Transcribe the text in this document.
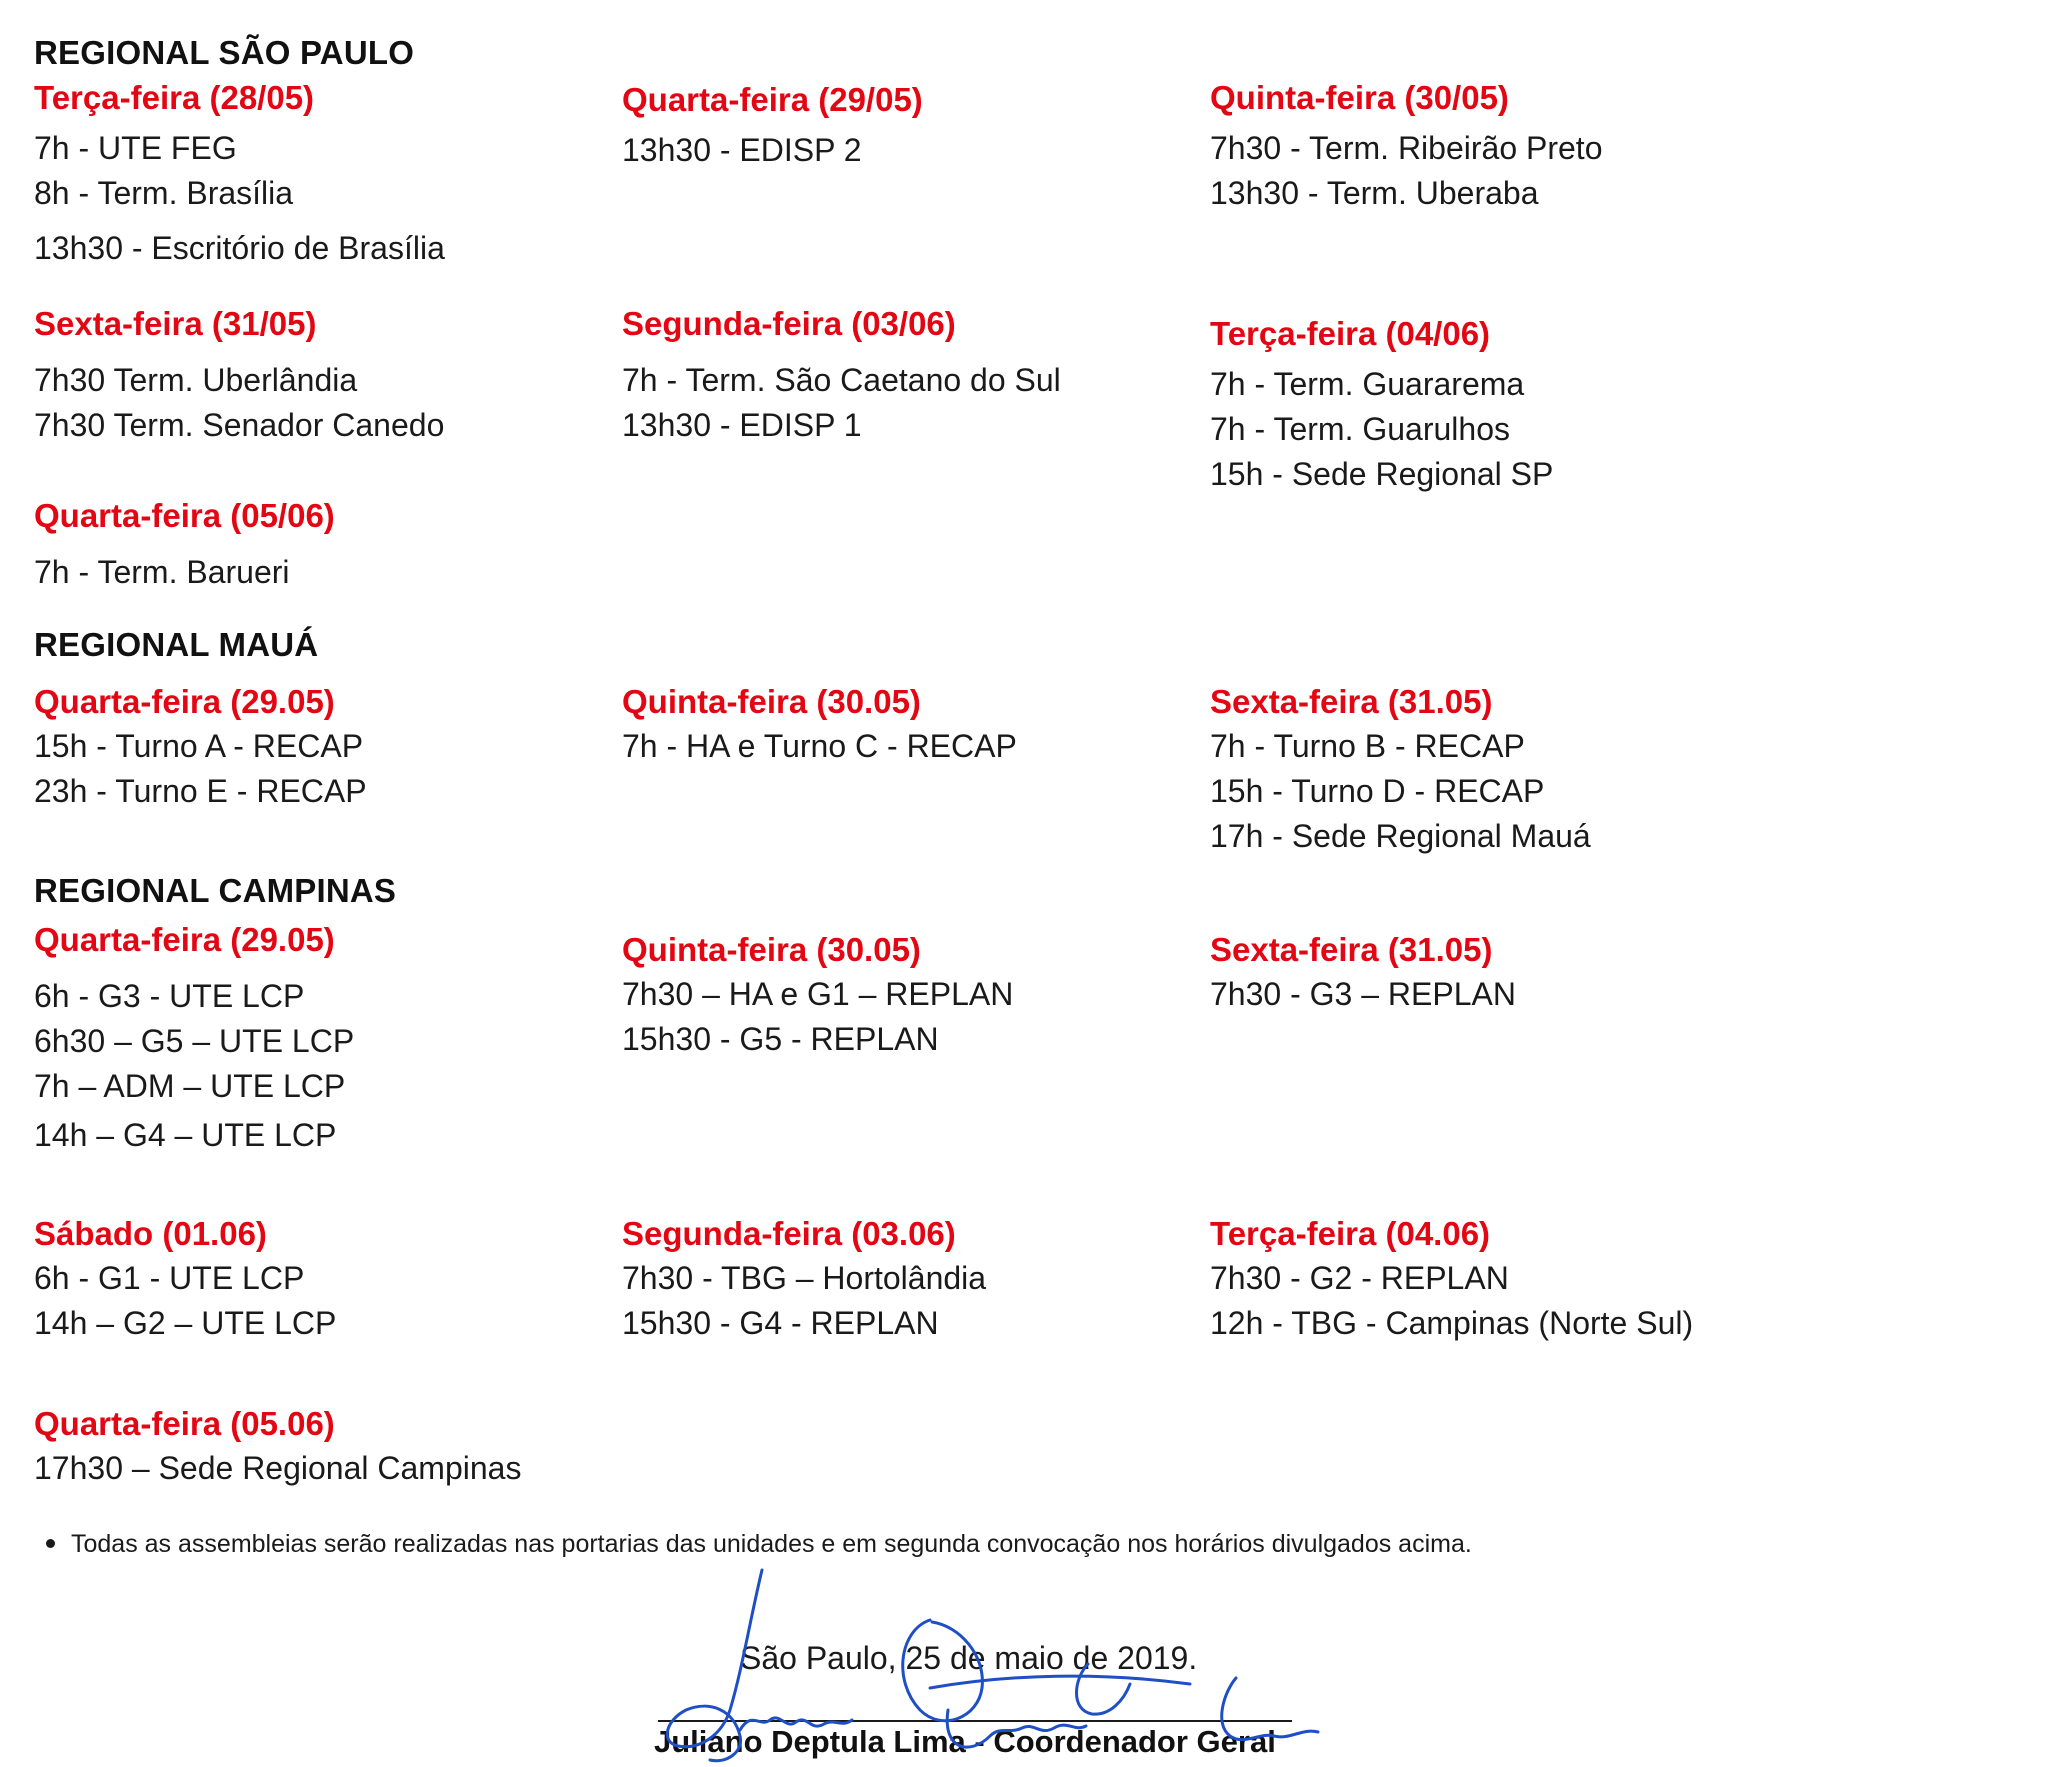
REGIONAL SÃO PAULO
Terça-feira (28/05)
7h - UTE FEG
8h - Term. Brasília
13h30 - Escritório de Brasília
Quarta-feira (29/05)
13h30 - EDISP 2
Quinta-feira (30/05)
7h30 - Term. Ribeirão Preto
13h30 - Term. Uberaba
Sexta-feira (31/05)
7h30 Term. Uberlândia
7h30 Term. Senador Canedo
Segunda-feira (03/06)
7h - Term. São Caetano do Sul
13h30 - EDISP 1
Terça-feira (04/06)
7h - Term. Guararema
7h - Term. Guarulhos
15h - Sede Regional SP
Quarta-feira (05/06)
7h - Term. Barueri
REGIONAL MAUÁ
Quarta-feira (29.05)
15h - Turno A - RECAP
23h - Turno E - RECAP
Quinta-feira (30.05)
7h - HA e Turno C - RECAP
Sexta-feira (31.05)
7h - Turno B - RECAP
15h - Turno D - RECAP
17h - Sede Regional Mauá
REGIONAL CAMPINAS
Quarta-feira (29.05)
6h - G3 - UTE LCP
6h30 – G5 – UTE LCP
7h – ADM – UTE LCP
14h – G4 – UTE LCP
Quinta-feira (30.05)
7h30 – HA e G1 – REPLAN
15h30 - G5 - REPLAN
Sexta-feira (31.05)
7h30 - G3 – REPLAN
Sábado (01.06)
6h - G1 - UTE LCP
14h – G2 – UTE LCP
Segunda-feira (03.06)
7h30 - TBG – Hortolândia
15h30 - G4 - REPLAN
Terça-feira (04.06)
7h30 - G2 - REPLAN
12h - TBG - Campinas (Norte Sul)
Quarta-feira (05.06)
17h30 – Sede Regional Campinas
Todas as assembleias serão realizadas nas portarias das unidades e em segunda convocação nos horários divulgados acima.
São Paulo, 25 de maio de 2019.
Juliano Deptula Lima - Coordenador Geral
